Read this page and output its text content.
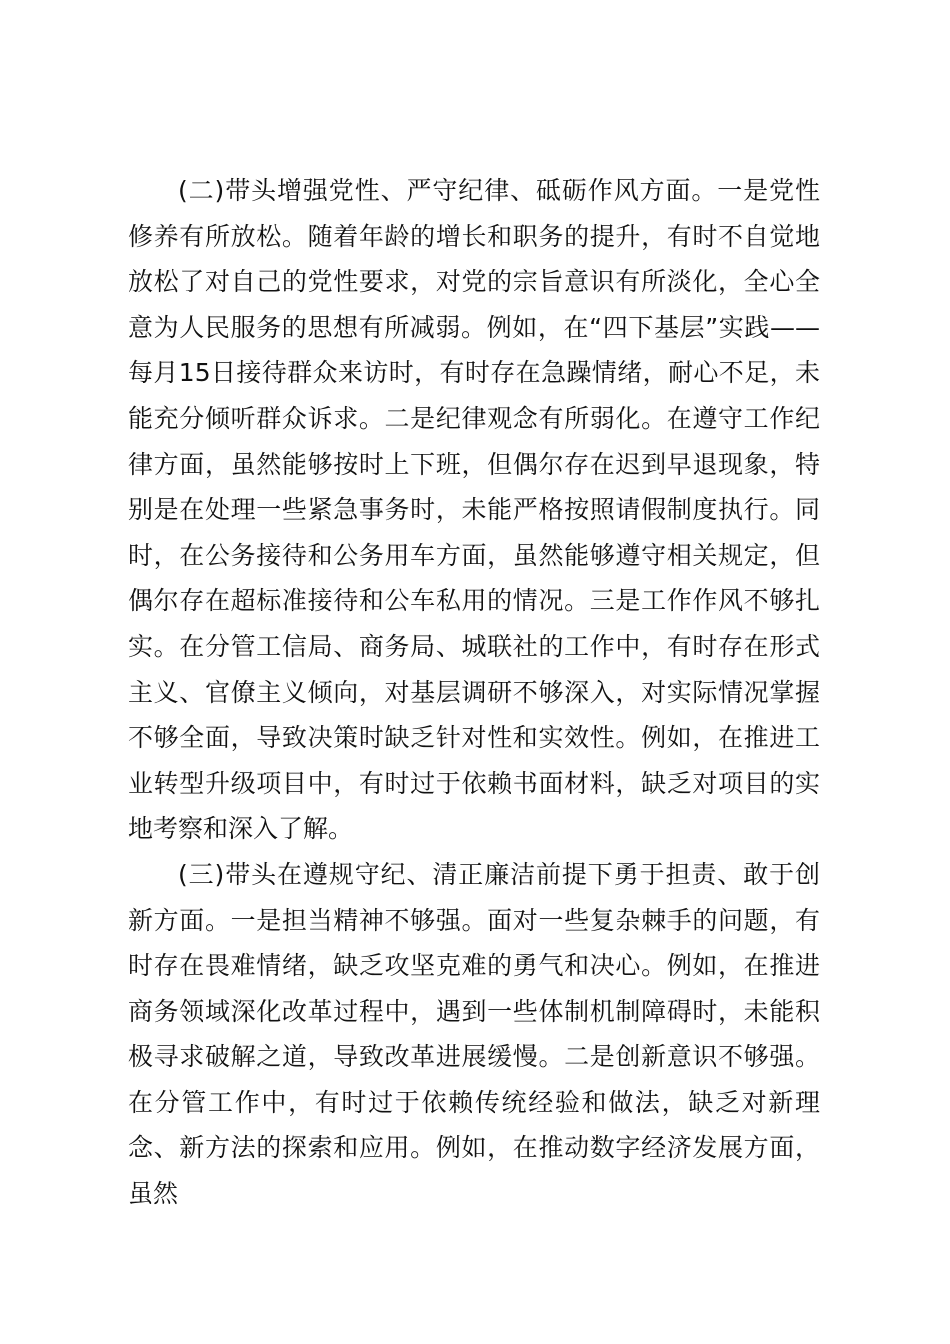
(二)带头增强党性、严守纪律、砥砺作风方面。一是党性修养有所放松。随着年龄的增长和职务的提升，有时不自觉地放松了对自己的党性要求，对党的宗旨意识有所淡化，全心全意为人民服务的思想有所减弱。例如，在“四下基层”实践——每月15日接待群众来访时，有时存在急躁情绪，耐心不足，未能充分倾听群众诉求。二是纪律观念有所弱化。在遵守工作纪律方面，虽然能够按时上下班，但偶尔存在迟到早退现象，特别是在处理一些紧急事务时，未能严格按照请假制度执行。同时，在公务接待和公务用车方面，虽然能够遵守相关规定，但偶尔存在超标准接待和公车私用的情况。三是工作作风不够扎实。在分管工信局、商务局、城联社的工作中，有时存在形式主义、官僚主义倾向，对基层调研不够深入，对实际情况掌握不够全面，导致决策时缺乏针对性和实效性。例如，在推进工业转型升级项目中，有时过于依赖书面材料，缺乏对项目的实地考察和深入了解。

(三)带头在遵规守纪、清正廉洁前提下勇于担责、敢于创新方面。一是担当精神不够强。面对一些复杂棘手的问题，有时存在畏难情绪，缺乏攻坚克难的勇气和决心。例如，在推进商务领域深化改革过程中，遇到一些体制机制障碍时，未能积极寻求破解之道，导致改革进展缓慢。二是创新意识不够强。在分管工作中，有时过于依赖传统经验和做法，缺乏对新理念、新方法的探索和应用。例如，在推动数字经济发展方面，虽然
